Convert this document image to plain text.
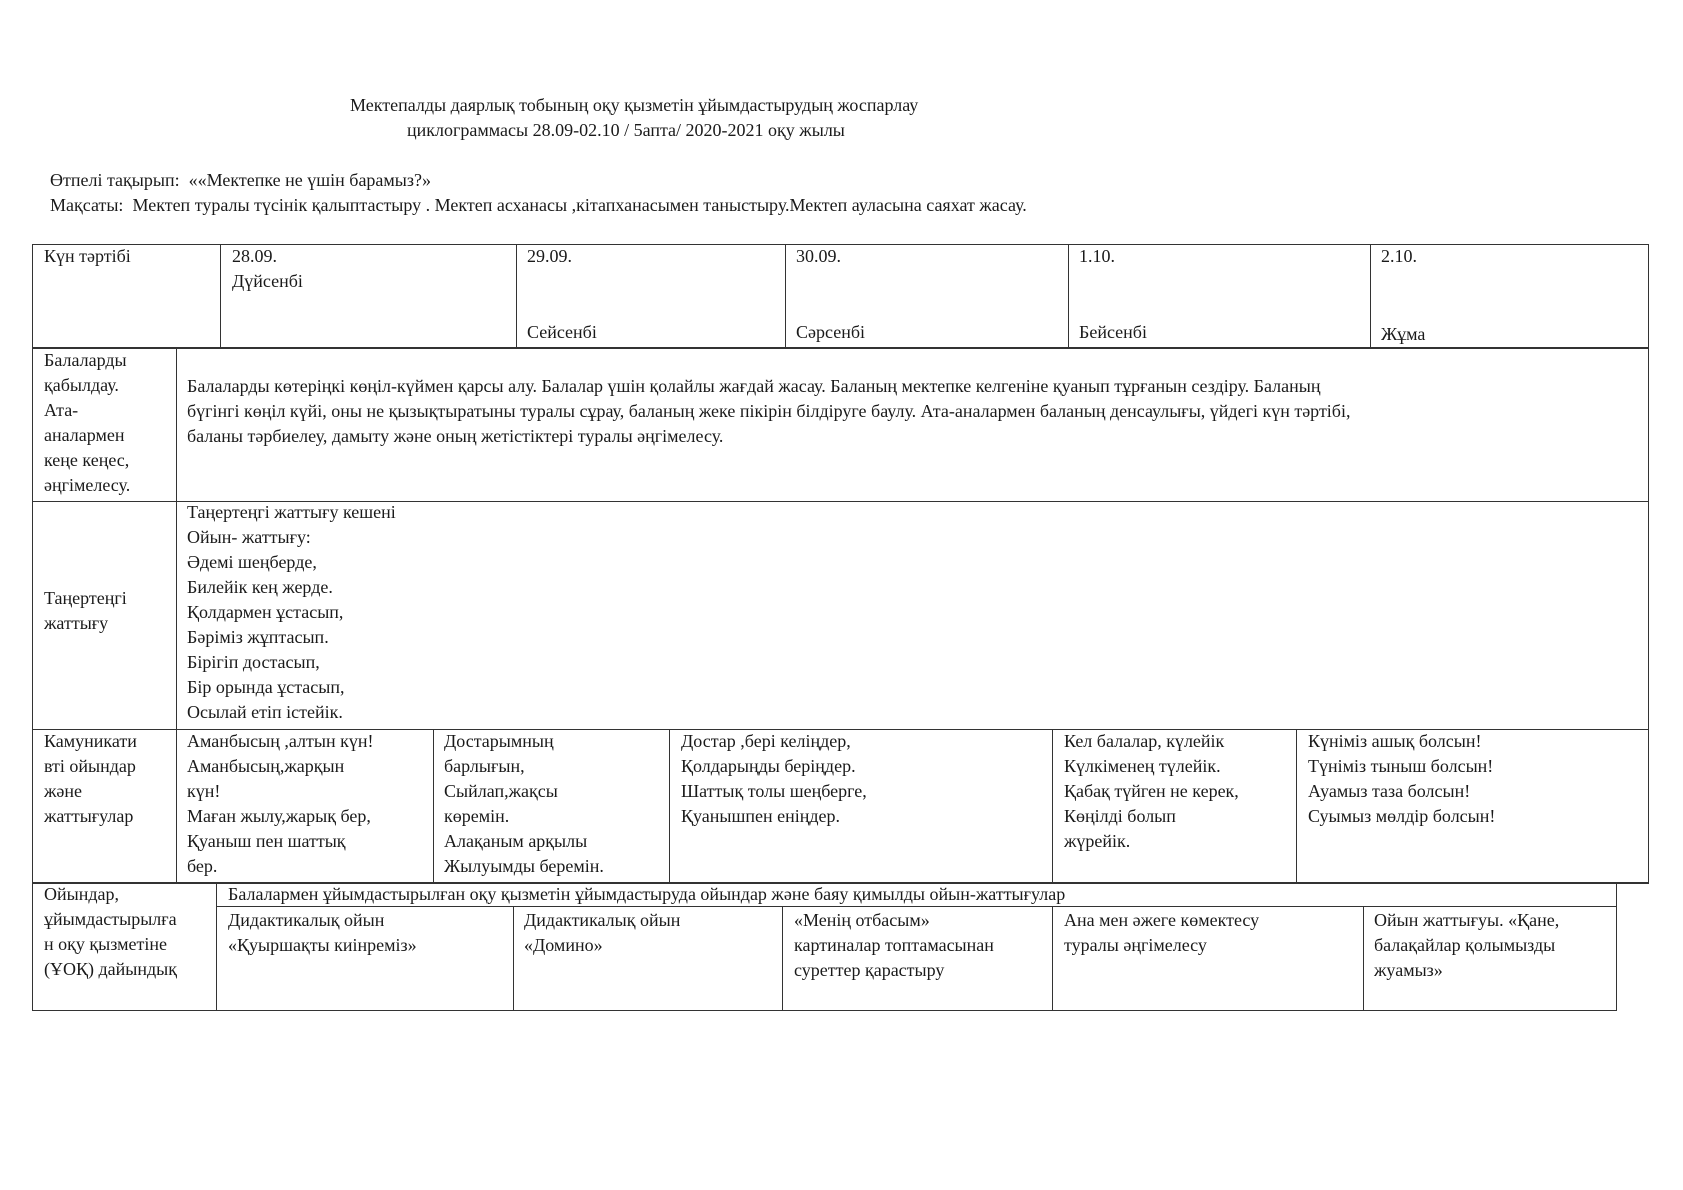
Мектепалды даярлық тобының оқу қызметін ұйымдастырудың жоспарлау
циклограммасы 28.09-02.10 / 5апта/ 2020-2021 оқу жылы
Өтпелі тақырып: ««Мектепке не үшін барамыз?»
Мақсаты: Мектеп туралы түсінік қалыптастыру . Мектеп асханасы ,кітапханасымен таныстыру.Мектеп ауласына саяхат жасау.
Күн тәртібі	28.09.
Дүйсенбі
29.09.
Сейсенбі
30.09.
Сәрсенбі
1.10.
Бейсенбі
2.10.
Жұма
Балаларды
қабылдау.
Ата-
аналармен
кеңе кеңес,
әңгімелесу.
Балаларды көтерiңкi көңіл-күймен қарсы алу. Балалар үшін қолайлы жағдай жасау. Баланың мектепке келгеніне қуанып тұрғанын сездіру. Баланың
бүгінгі көңіл күйі, оны не қызықтыратыны туралы сұрау, баланың жеке пікірін білдіруге баулу. Ата-аналармен баланың денсаулығы, үйдегі күн тәртібі,
баланы тәрбиелеу, дамыту және оның жетістіктері туралы әңгімелесу.
Таңертеңгі
жаттығу
Таңертеңгі жаттығу кешені
Ойын- жаттығу:
Әдемі шеңберде,
Билейік кең жерде.
Қолдармен ұстасып,
Бәріміз жұптасып.
Бірігіп достасып,
Бір орында ұстасып,
Осылай етіп істейік.
Камуникати
вті ойындар
және
жаттығулар
Аманбысың ,алтын күн!
Аманбысың,жарқын
күн!
Маған жылу,жарық бер,
Қуаныш пен шаттық
бер.
Достарымның
барлығын,
Сыйлап,жақсы
көремін.
Алақаным арқылы
Жылуымды беремін.
Достар ,бері келіңдер,
Қолдарыңды беріңдер.
Шаттық толы шеңберге,
Қуанышпен еніңдер.
Кел балалар, күлейік
Күлкіменең түлейік.
Қабақ түйген не керек,
Көңілді болып
жүрейік.
Күніміз ашық болсын!
Түніміз тыныш болсын!
Ауамыз таза болсын!
Суымыз мөлдір болсын!
Ойындар,
ұйымдастырылға
н оқу қызметіне
(ҰОҚ) дайындық
Балалармен ұйымдастырылған оқу қызметін ұйымдастыруда ойындар және баяу қимылды ойын-жаттығулар
Дидактикалық ойын
«Қуыршақты киінреміз»
Дидактикалық ойын
«Домино»
«Менің отбасым»
картиналар топтамасынан
суреттер қарастыру
Ана мен әжеге көмектесу
туралы әңгімелесу
Ойын жаттығуы. «Қане,
балақайлар қолымызды
жуамыз»
